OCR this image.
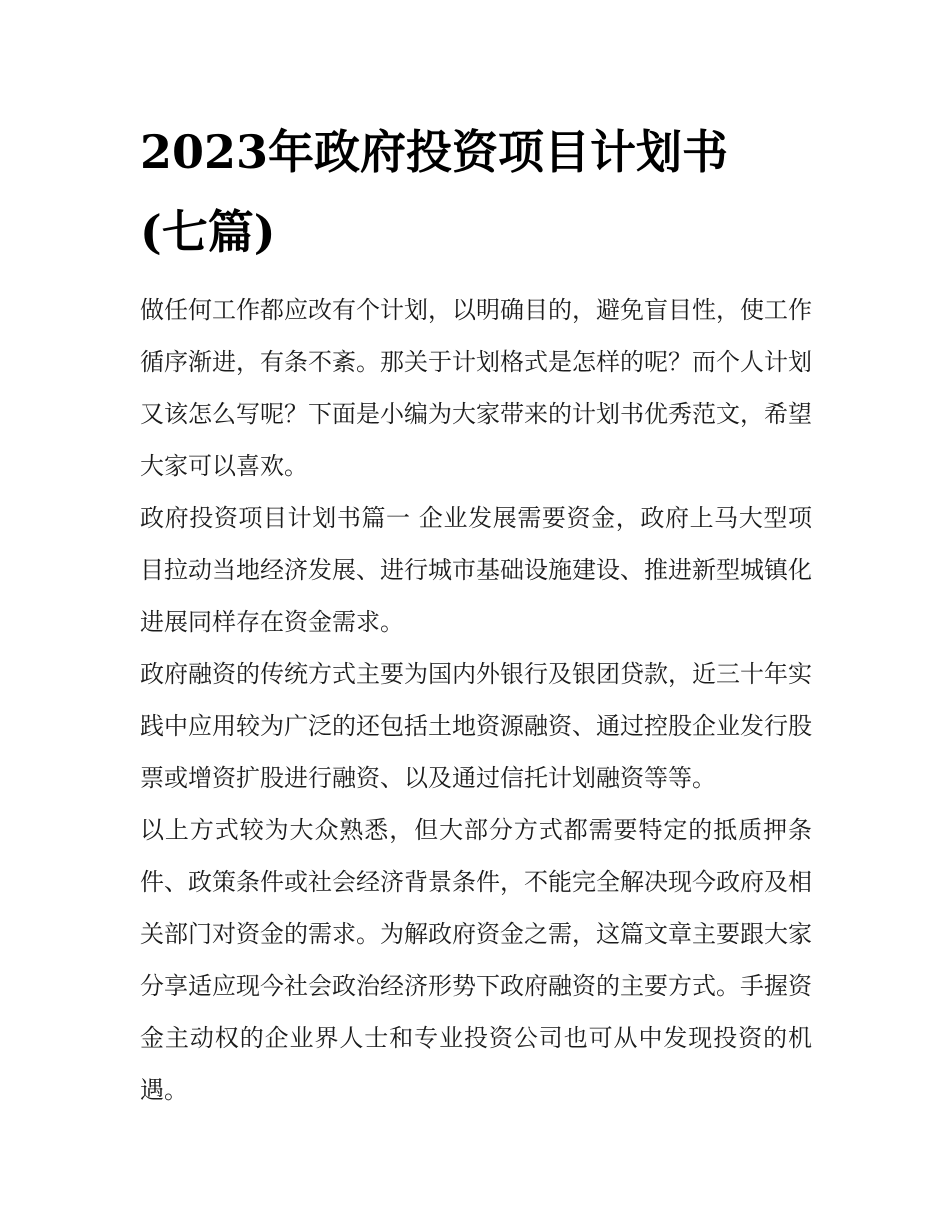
2023年政府投资项目计划书(七篇)

做任何工作都应改有个计划，以明确目的，避免盲目性，使工作循序渐进，有条不紊。那关于计划格式是怎样的呢？而个人计划又该怎么写呢？下面是小编为大家带来的计划书优秀范文，希望大家可以喜欢。

政府投资项目计划书篇一 企业发展需要资金，政府上马大型项目拉动当地经济发展、进行城市基础设施建设、推进新型城镇化进展同样存在资金需求。

政府融资的传统方式主要为国内外银行及银团贷款，近三十年实践中应用较为广泛的还包括土地资源融资、通过控股企业发行股票或增资扩股进行融资、以及通过信托计划融资等等。

以上方式较为大众熟悉，但大部分方式都需要特定的抵质押条件、政策条件或社会经济背景条件，不能完全解决现今政府及相关部门对资金的需求。为解政府资金之需，这篇文章主要跟大家分享适应现今社会政治经济形势下政府融资的主要方式。手握资金主动权的企业界人士和专业投资公司也可从中发现投资的机遇。
